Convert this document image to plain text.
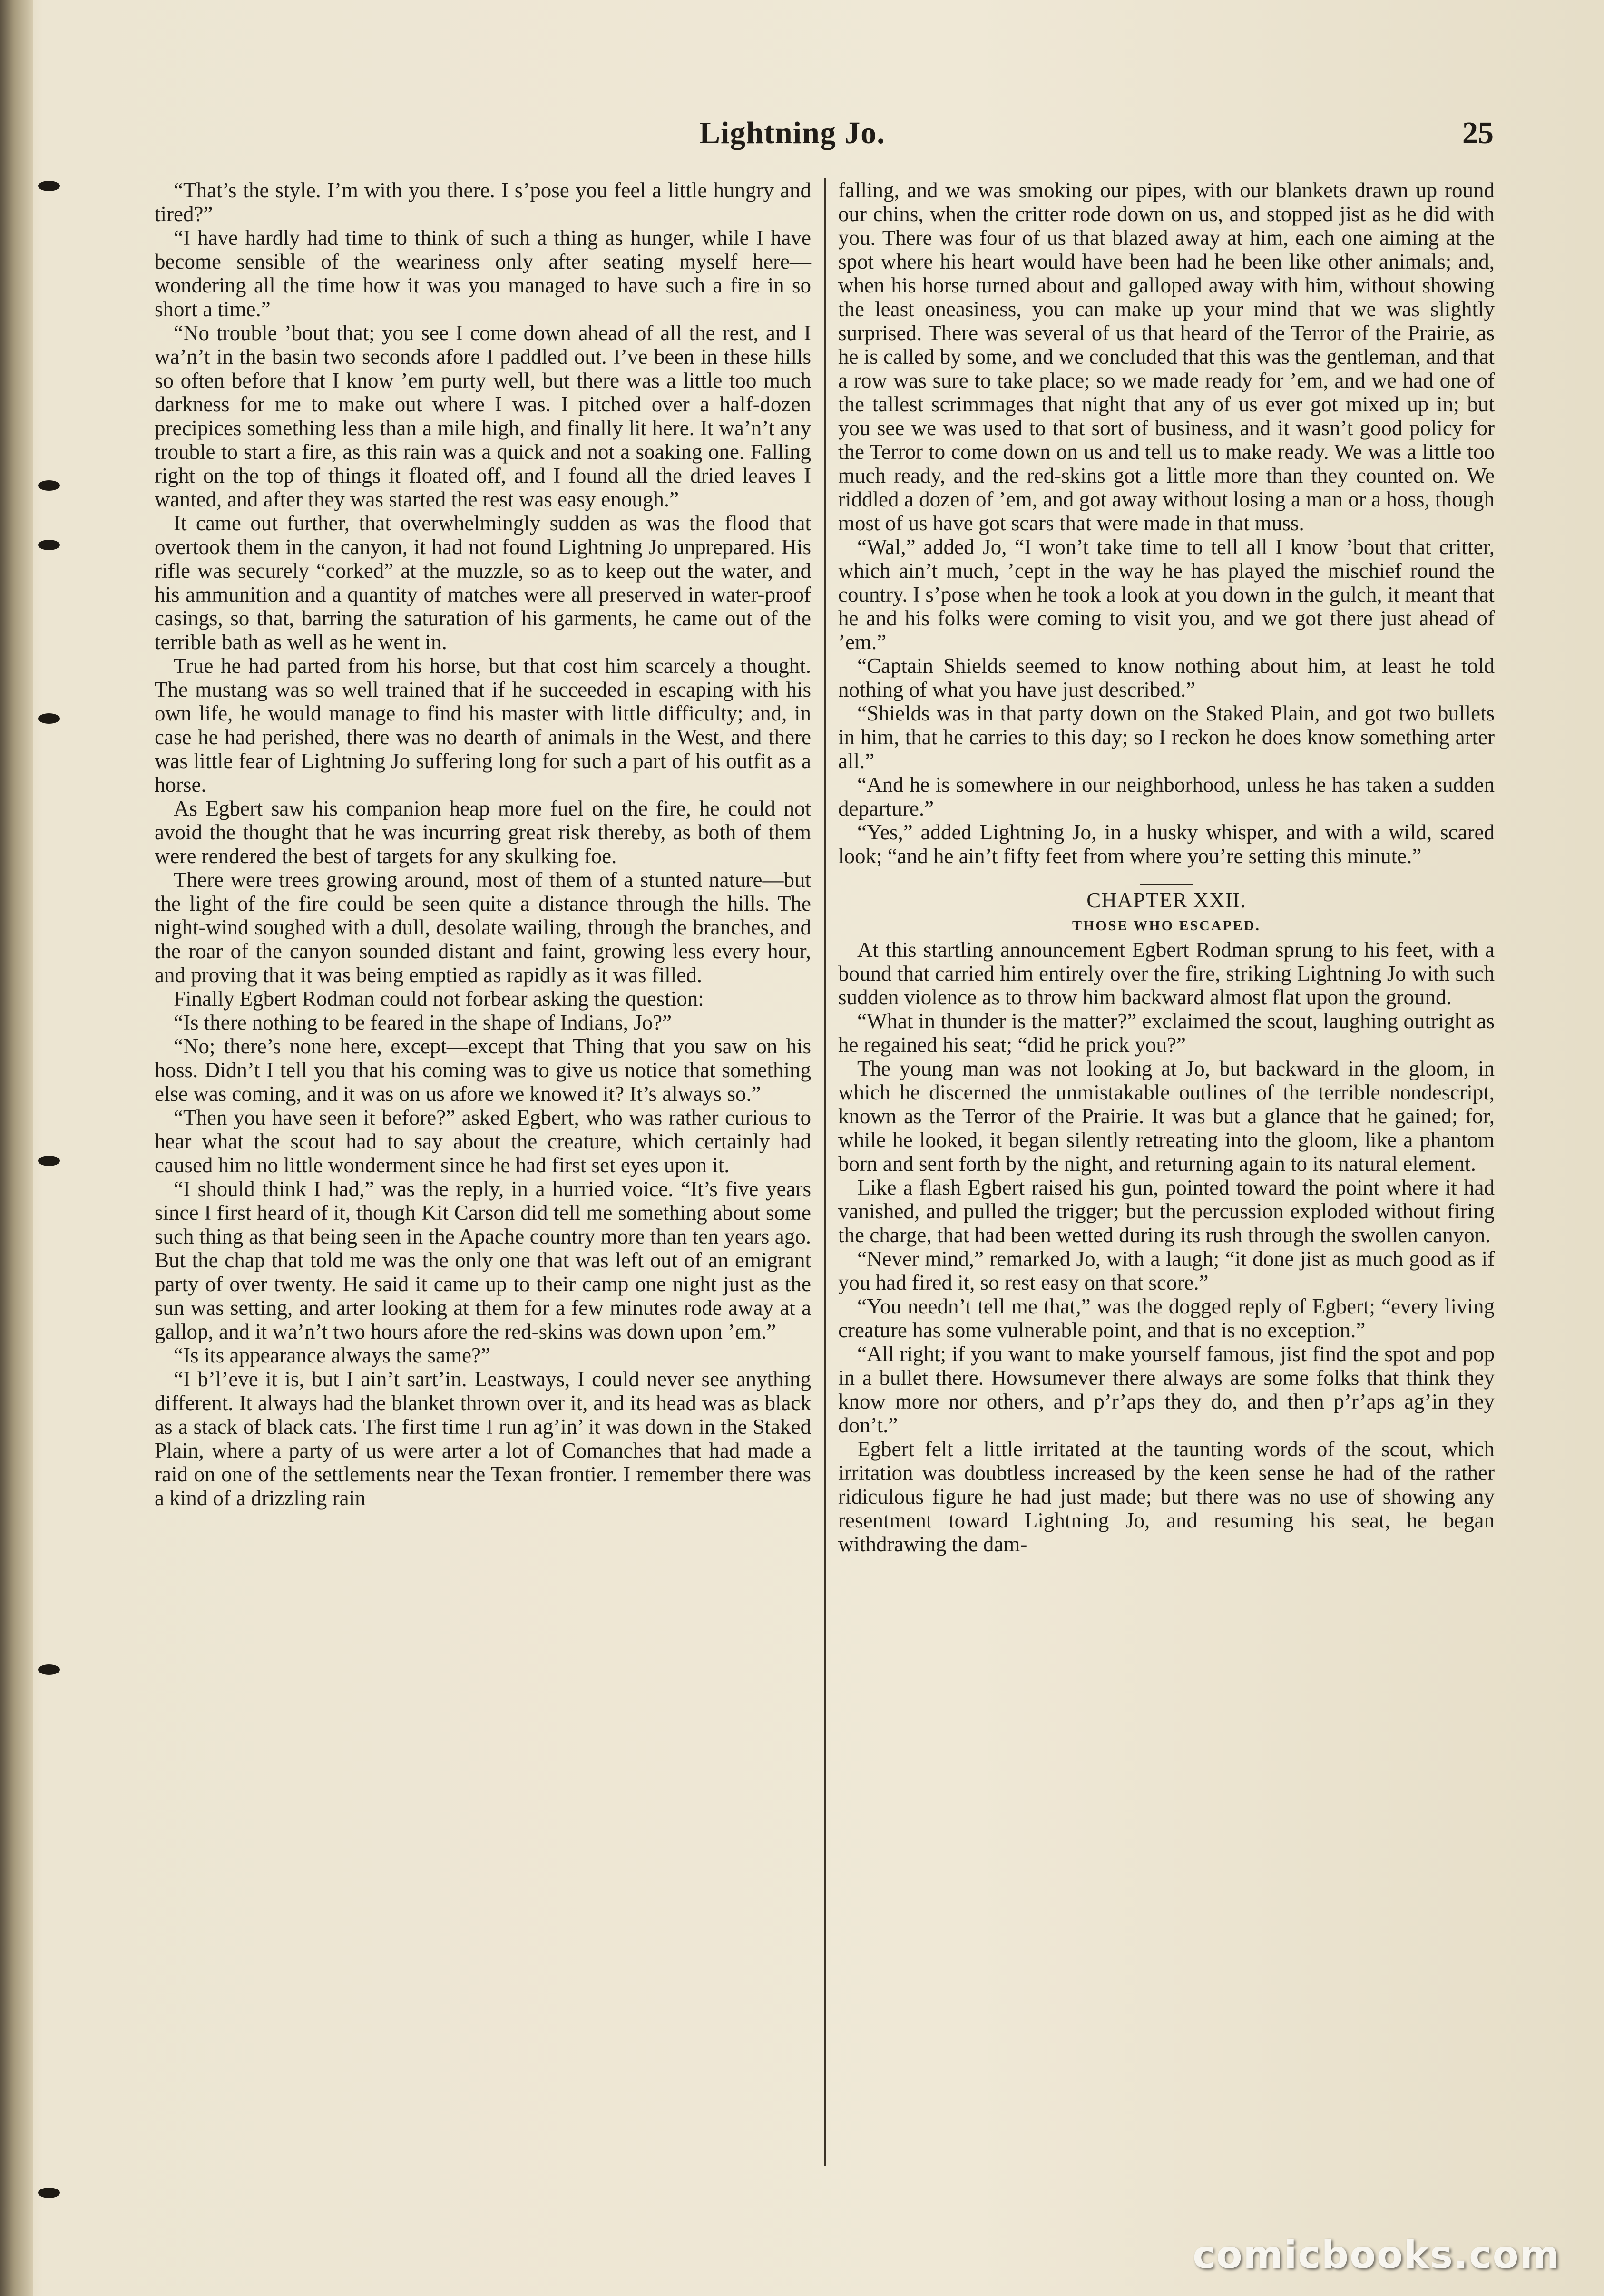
Lightning Jo.	25

“That’s the style. I’m with you there. I s’pose you feel a little hungry and tired?”

“I have hardly had time to think of such a thing as hunger, while I have become sensible of the weariness only after seating myself here—wondering all the time how it was you managed to have such a fire in so short a time.”

“No trouble ’bout that; you see I come down ahead of all the rest, and I wa’n’t in the basin two seconds afore I paddled out. I’ve been in these hills so often before that I know ’em purty well, but there was a little too much darkness for me to make out where I was. I pitched over a half-dozen precipices something less than a mile high, and finally lit here. It wa’n’t any trouble to start a fire, as this rain was a quick and not a soaking one. Falling right on the top of things it floated off, and I found all the dried leaves I wanted, and after they was started the rest was easy enough.”

It came out further, that overwhelmingly sudden as was the flood that overtook them in the canyon, it had not found Lightning Jo unprepared. His rifle was securely “corked” at the muzzle, so as to keep out the water, and his ammunition and a quantity of matches were all preserved in water-proof casings, so that, barring the saturation of his garments, he came out of the terrible bath as well as he went in.

True he had parted from his horse, but that cost him scarcely a thought. The mustang was so well trained that if he succeeded in escaping with his own life, he would manage to find his master with little difficulty; and, in case he had perished, there was no dearth of animals in the West, and there was little fear of Lightning Jo suffering long for such a part of his outfit as a horse.

As Egbert saw his companion heap more fuel on the fire, he could not avoid the thought that he was incurring great risk thereby, as both of them were rendered the best of targets for any skulking foe.

There were trees growing around, most of them of a stunted nature—but the light of the fire could be seen quite a distance through the hills. The night-wind soughed with a dull, desolate wailing, through the branches, and the roar of the canyon sounded distant and faint, growing less every hour, and proving that it was being emptied as rapidly as it was filled.

Finally Egbert Rodman could not forbear asking the question:

“Is there nothing to be feared in the shape of Indians, Jo?”

“No; there’s none here, except—except that Thing that you saw on his hoss. Didn’t I tell you that his coming was to give us notice that something else was coming, and it was on us afore we knowed it? It’s always so.”

“Then you have seen it before?” asked Egbert, who was rather curious to hear what the scout had to say about the creature, which certainly had caused him no little wonderment since he had first set eyes upon it.

“I should think I had,” was the reply, in a hurried voice. “It’s five years since I first heard of it, though Kit Carson did tell me something about some such thing as that being seen in the Apache country more than ten years ago. But the chap that told me was the only one that was left out of an emigrant party of over twenty. He said it came up to their camp one night just as the sun was setting, and arter looking at them for a few minutes rode away at a gallop, and it wa’n’t two hours afore the red-skins was down upon ’em.”

“Is its appearance always the same?”

“I b’l’eve it is, but I ain’t sart’in. Leastways, I could never see anything different. It always had the blanket thrown over it, and its head was as black as a stack of black cats. The first time I run ag’in’ it was down in the Staked Plain, where a party of us were arter a lot of Comanches that had made a raid on one of the settlements near the Texan frontier. I remember there was a kind of a drizzling rain

falling, and we was smoking our pipes, with our blankets drawn up round our chins, when the critter rode down on us, and stopped jist as he did with you. There was four of us that blazed away at him, each one aiming at the spot where his heart would have been had he been like other animals; and, when his horse turned about and galloped away with him, without showing the least oneasiness, you can make up your mind that we was slightly surprised. There was several of us that heard of the Terror of the Prairie, as he is called by some, and we concluded that this was the gentleman, and that a row was sure to take place; so we made ready for ’em, and we had one of the tallest scrimmages that night that any of us ever got mixed up in; but you see we was used to that sort of business, and it wasn’t good policy for the Terror to come down on us and tell us to make ready. We was a little too much ready, and the red-skins got a little more than they counted on. We riddled a dozen of ’em, and got away without losing a man or a hoss, though most of us have got scars that were made in that muss.

“Wal,” added Jo, “I won’t take time to tell all I know ’bout that critter, which ain’t much, ’cept in the way he has played the mischief round the country. I s’pose when he took a look at you down in the gulch, it meant that he and his folks were coming to visit you, and we got there just ahead of ’em.”

“Captain Shields seemed to know nothing about him, at least he told nothing of what you have just described.”

“Shields was in that party down on the Staked Plain, and got two bullets in him, that he carries to this day; so I reckon he does know something arter all.”

“And he is somewhere in our neighborhood, unless he has taken a sudden departure.”

“Yes,” added Lightning Jo, in a husky whisper, and with a wild, scared look; “and he ain’t fifty feet from where you’re setting this minute.”

CHAPTER XXII.
THOSE WHO ESCAPED.

At this startling announcement Egbert Rodman sprung to his feet, with a bound that carried him entirely over the fire, striking Lightning Jo with such sudden violence as to throw him backward almost flat upon the ground.

“What in thunder is the matter?” exclaimed the scout, laughing outright as he regained his seat; “did he prick you?”

The young man was not looking at Jo, but backward in the gloom, in which he discerned the unmistakable outlines of the terrible nondescript, known as the Terror of the Prairie. It was but a glance that he gained; for, while he looked, it began silently retreating into the gloom, like a phantom born and sent forth by the night, and returning again to its natural element.

Like a flash Egbert raised his gun, pointed toward the point where it had vanished, and pulled the trigger; but the percussion exploded without firing the charge, that had been wetted during its rush through the swollen canyon.

“Never mind,” remarked Jo, with a laugh; “it done jist as much good as if you had fired it, so rest easy on that score.”

“You needn’t tell me that,” was the dogged reply of Egbert; “every living creature has some vulnerable point, and that is no exception.”

“All right; if you want to make yourself famous, jist find the spot and pop in a bullet there. Howsumever there always are some folks that think they know more nor others, and p’r’aps they do, and then p’r’aps ag’in they don’t.”

Egbert felt a little irritated at the taunting words of the scout, which irritation was doubtless increased by the keen sense he had of the rather ridiculous figure he had just made; but there was no use of showing any resentment toward Lightning Jo, and resuming his seat, he began withdrawing the dam-

comicbooks.com
